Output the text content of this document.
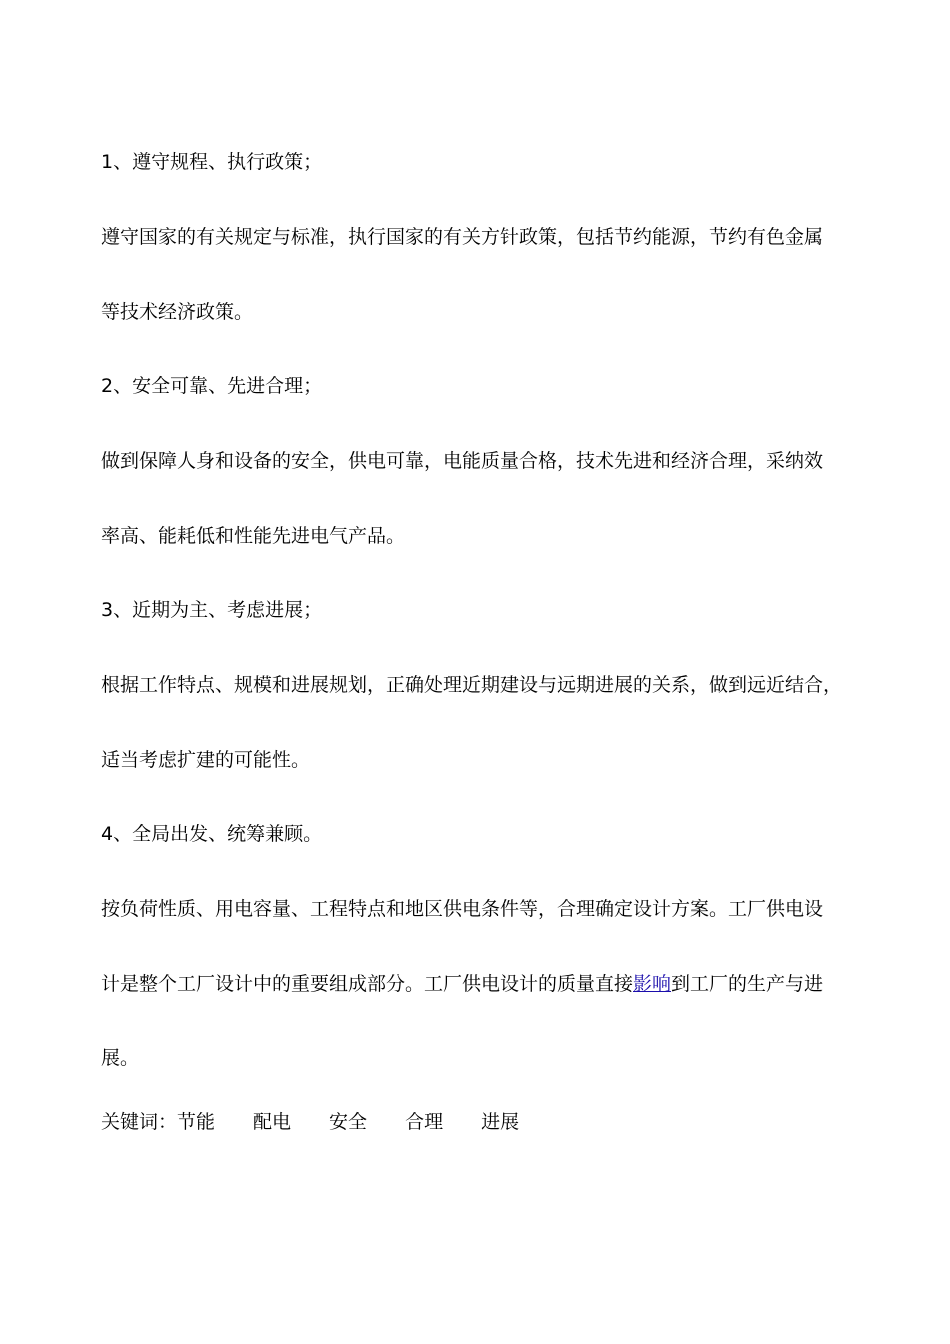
1、遵守规程、执行政策；
遵守国家的有关规定与标准，执行国家的有关方针政策，包括节约能源，节约有色金属
等技术经济政策。
2、安全可靠、先进合理；
做到保障人身和设备的安全，供电可靠，电能质量合格，技术先进和经济合理，采纳效
率高、能耗低和性能先进电气产品。
3、近期为主、考虑进展；
根据工作特点、规模和进展规划，正确处理近期建设与远期进展的关系，做到远近结合，
适当考虑扩建的可能性。
4、全局出发、统筹兼顾。
按负荷性质、用电容量、工程特点和地区供电条件等，合理确定设计方案。工厂供电设
计是整个工厂设计中的重要组成部分。工厂供电设计的质量直接影响到工厂的生产与进
展。
关键词：节能 配电 安全 合理 进展
